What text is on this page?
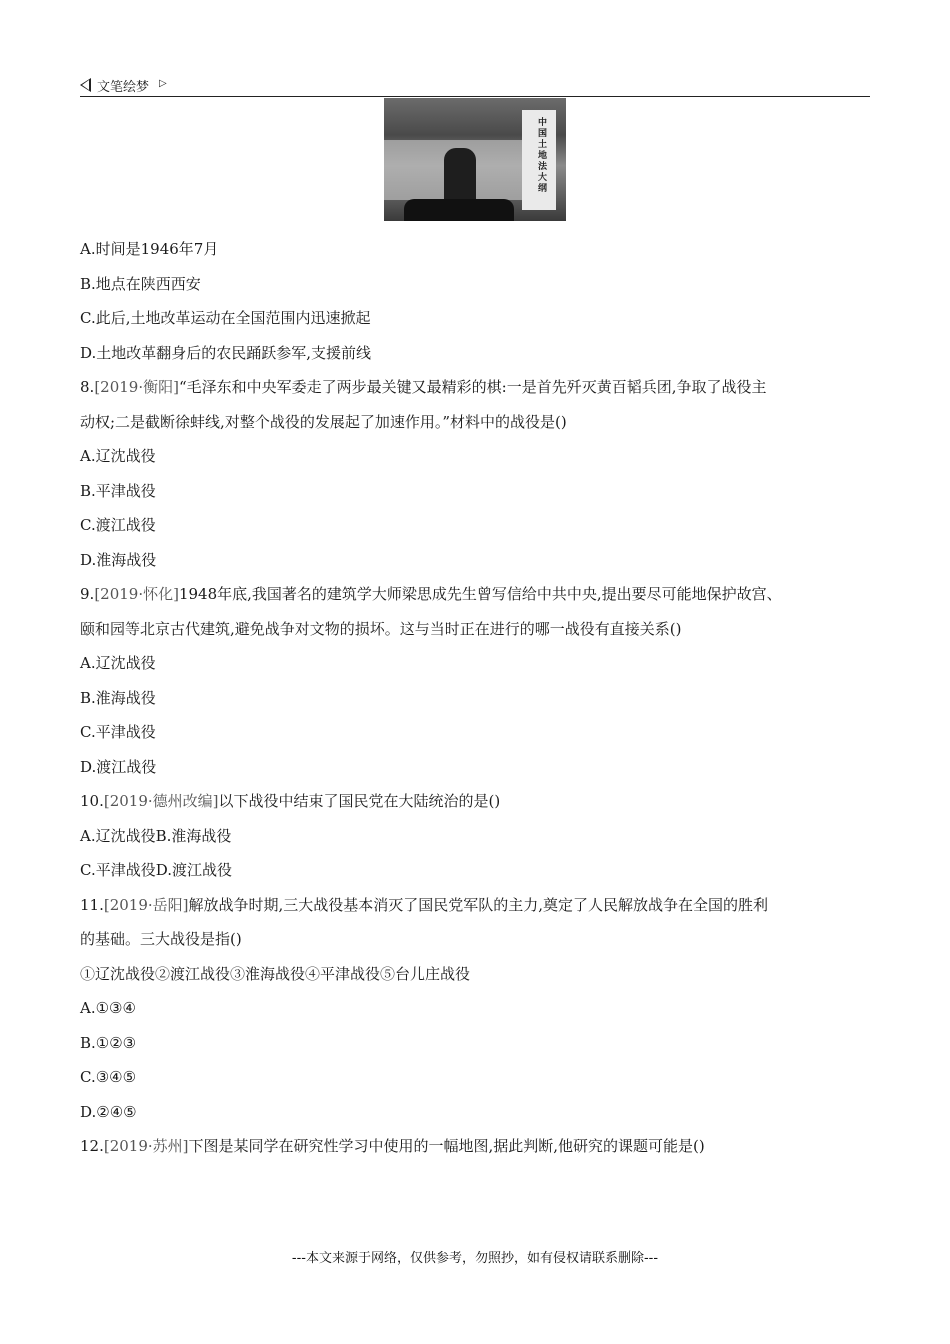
文笔绘梦 ▷
中国土地法大纲
A.时间是1946年7月
B.地点在陕西西安
C.此后,土地改革运动在全国范围内迅速掀起
D.土地改革翻身后的农民踊跃参军,支援前线
8.[2019·衡阳]“毛泽东和中央军委走了两步最关键又最精彩的棋:一是首先歼灭黄百韬兵团,争取了战役主
动权;二是截断徐蚌线,对整个战役的发展起了加速作用。”材料中的战役是()
A.辽沈战役
B.平津战役
C.渡江战役
D.淮海战役
9.[2019·怀化]1948年底,我国著名的建筑学大师梁思成先生曾写信给中共中央,提出要尽可能地保护故宫、
颐和园等北京古代建筑,避免战争对文物的损坏。这与当时正在进行的哪一战役有直接关系()
A.辽沈战役
B.淮海战役
C.平津战役
D.渡江战役
10.[2019·德州改编]以下战役中结束了国民党在大陆统治的是()
A.辽沈战役B.淮海战役
C.平津战役D.渡江战役
11.[2019·岳阳]解放战争时期,三大战役基本消灭了国民党军队的主力,奠定了人民解放战争在全国的胜利
的基础。三大战役是指()
①辽沈战役②渡江战役③淮海战役④平津战役⑤台儿庄战役
A.①③④
B.①②③
C.③④⑤
D.②④⑤
12.[2019·苏州]下图是某同学在研究性学习中使用的一幅地图,据此判断,他研究的课题可能是()
---本文来源于网络，仅供参考，勿照抄，如有侵权请联系删除---
